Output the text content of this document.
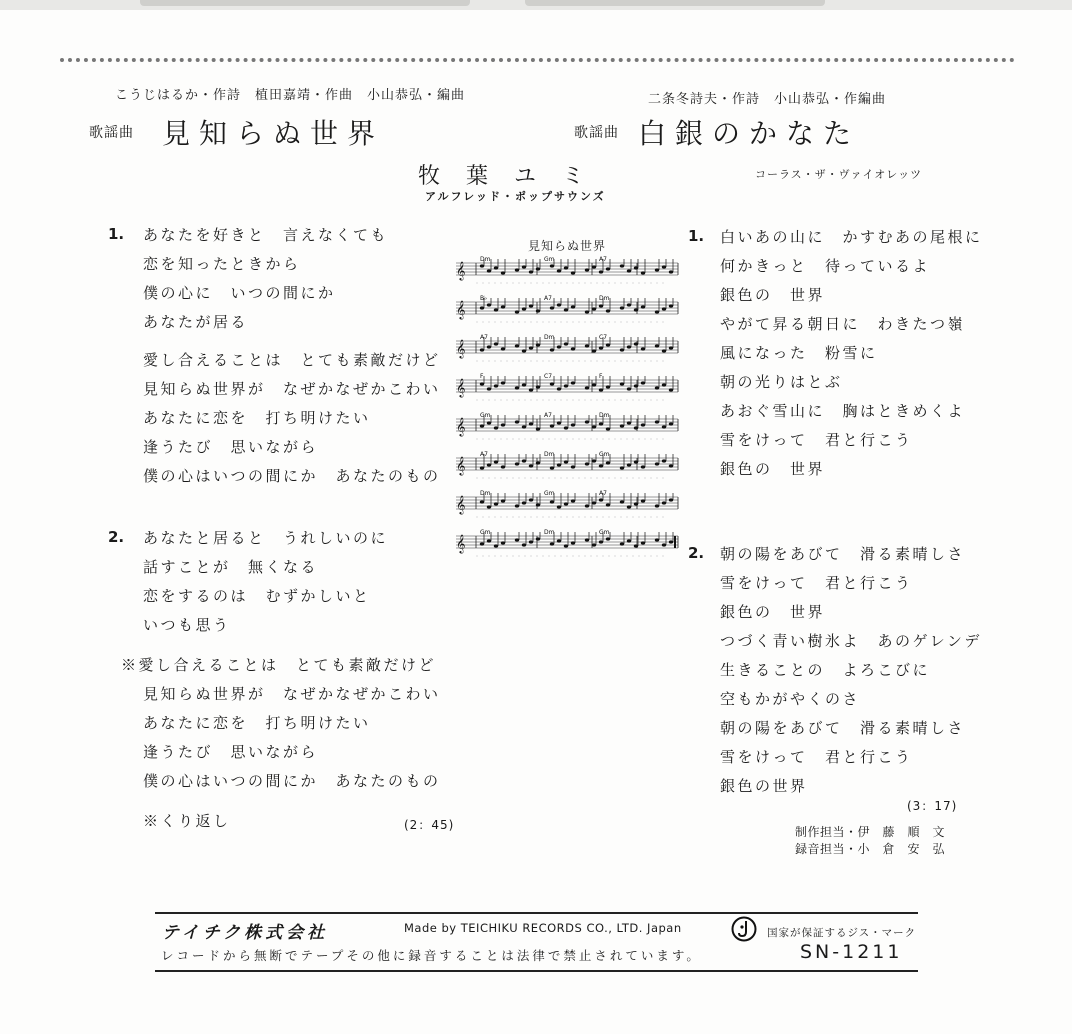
こうじはるか・作詩　植田嘉靖・作曲　小山恭弘・編曲
歌謡曲 見知らぬ世界
二条冬詩夫・作詩　小山恭弘・作編曲
歌謡曲 白銀のかなた
牧葉ユミ
アルフレッド・ポップサウンズ
コーラス・ザ・ヴァイオレッツ
1. あなたを好きと　言えなくても
恋を知ったときから
僕の心に　いつの間にか
あなたが居る
愛し合えることは　とても素敵だけど
見知らぬ世界が　なぜかなぜかこわい
あなたに恋を　打ち明けたい
逢うたび　思いながら
僕の心はいつの間にか　あなたのもの
2. あなたと居ると　うれしいのに
話すことが　無くなる
恋をするのは　むずかしいと
いつも思う
※愛し合えることは　とても素敵だけど
見知らぬ世界が　なぜかなぜかこわい
あなたに恋を　打ち明けたい
逢うたび　思いながら
僕の心はいつの間にか　あなたのもの
※くり返し	(2：45)
見知らぬ世界
𝄞
Dm	Gm	A7
𝄞
B♭	A7	Dm
𝄞
A7	Dm	C7
𝄞
F	C7	F
𝄞
Gm	A7	Dm
𝄞
A7	Dm	Gm
𝄞
Dm	Gm	A7
𝄞
Gm	Dm	Gm
1. 白いあの山に　かすむあの尾根に
何かきっと　待っているよ
銀色の　世界
やがて昇る朝日に　わきたつ嶺
風になった　粉雪に
朝の光りはとぶ
あおぐ雪山に　胸はときめくよ
雪をけって　君と行こう
銀色の　世界
2. 朝の陽をあびて　滑る素晴しさ
雪をけって　君と行こう
銀色の　世界
つづく青い樹氷よ　あのゲレンデ
生きることの　よろこびに
空もかがやくのさ
朝の陽をあびて　滑る素晴しさ
雪をけって　君と行こう
銀色の世界
(3：17)
制作担当・伊　藤　順　文
録音担当・小　倉　安　弘
テイチク株式会社	Made by TEICHIKU RECORDS CO., LTD. Japan	国家が保証するジス・マーク
レコードから無断でテープその他に録音することは法律で禁止されています。	SN-1211
